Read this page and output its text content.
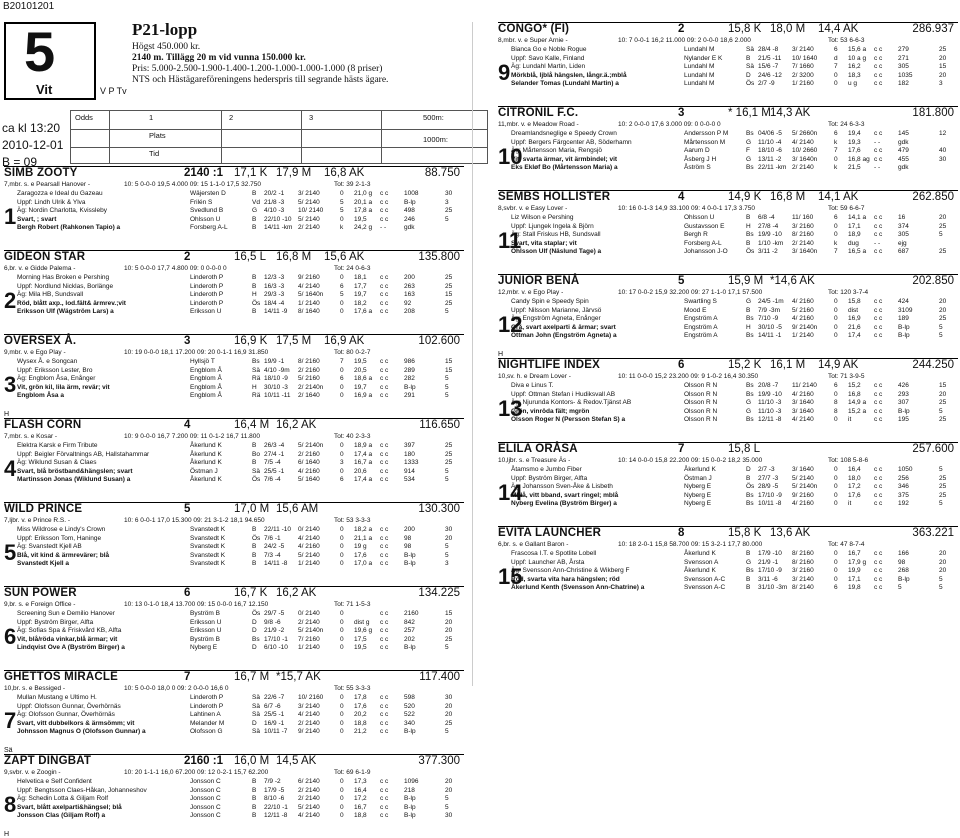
B20101201
5
Vit	V P Tv
ca kl 13:20
2010-12-01
B = 09
P21-lopp
Högst 450.000 kr.
2140 m. Tillägg 20 m vid vunna 150.000 kr.
Pris: 5.000-2.500-1.900-1.400-1.200-1.000-1.000-1.000 (8 priser)
NTS och Hästägareföreningens hederspris till segrande hästs ägare.
Odds	1	2	3	500m:
Plats	1000m:
Tid
SIMB ZOOTY	2140 :1 17,1 K 17,9 M 16,8 AK	88.750
7,mbr. s. e Pearsall Hanover -	10: 5 0-0-0 19,5 4.000 09: 15 1-1-0 17,5 32.750	Tot: 39 2-1-3
1
Zaragozza e Ideal du Gazeau
Uppf: Lindh Ulrik & Ylva
Äg: Nordin Charlotta, Kvissleby
Svart, ; svart
Bergh Robert (Rahkonen Tapio) a
Wäjersten D	B 20/2 -1 3/ 2140	0 21,0 g c c 1008	30
Frilén S	Vd 21/8 -3 5/ 2140	5 20,1 a c c B-lp	3
Svedlund B	G 4/10 -3 10/ 2140	5 17,8 a c c 498	25
Ohlsson U	B 22/10 -10 5/ 2140	0 19,5 c c 246	5
Forsberg A-L	B 14/11 -km 2/ 2140	k 24,2 g - -	gdk
GIDEON STAR	2	16,5 L 16,8 M 15,6 AK	135.800
6,br. v. e Gidde Palema -	10: 5 0-0-0 17,7 4.800 09: 0 0-0-0 0	Tot: 24 0-6-3
2
Morning Has Broken e Pershing
Uppf: Nordlund Nicklas, Borlänge
Äg: Mila HB, Sundsvall
Röd, blått axp., lod.fält& ärmrev.;vit
Eriksson Ulf (Wägström Lars) a
Linderoth P	B 12/3 -3 9/ 2160	0 18,1 c c 200	25
Linderoth P	B 16/3 -3 4/ 2140	6 17,7 c c 263	25
Linderoth P	H 29/3 -3 5/ 1640n	5 19,7 c c 163	15
Linderoth P	Ös 18/4 -4 1/ 2140	0 18,2 c c 92	25
Eriksson U	B 14/11 -9 8/ 1640	0 17,6 a c c 208	5
OVERSEX Å.	3	16,9 K 17,5 M 16,9 AK	102.600
9,mbr. v. e Ego Play -	10: 19 0-0-0 18,1 17.200 09: 20 0-1-1 16,9 31.850	Tot: 80 0-2-7
3
Wysex Å. e Songcan
Uppf: Eriksson Lester, Bro
Äg: Engblom Åsa, Enånger
Vit, grön kil, lila ärm, revär; vit
Engblom Åsa a
Hyllsjö T	Bs 19/9 -1 8/ 2160	7 19,5 c c 986	15
Engblom Å	Sä 4/10 -9m 2/ 2160	0 20,5 c c 289	15
Engblom Å	Rä 18/10 -9 5/ 2160	6 18,6 a c c 282	5
Engblom Å	H 30/10 -3 2/ 2140n	0 19,7 c c B-lp	5
Engblom Å	Rä 10/11 -11 2/ 1640	0 16,9 a c c 291	5
H
FLASH CORN	4	16,4 M 16,2 AK	116.650
7,mbr. s. e Kosar -	10: 9 0-0-0 16,7 7.200 09: 11 0-1-2 16,7 11.800	Tot: 40 2-3-3
4
Elektra Karsk e Firm Tribute
Uppf: Beigler Förvaltnings AB, Hallstahammar
Äg: Wiklund Susan & Claes
Svart, blå bröstband&hängslen; svart
Martinsson Jonas (Wiklund Susan) a
Åkerlund K	B 26/3 -4 5/ 2140n	0 18,9 a c c 397	25
Åkerlund K	Bo 27/4 -1 2/ 2160	0 17,4 a c c 180	25
Åkerlund K	B 7/5 -4	6/ 1640	3 16,7 a c c 1333	25
Östman J	Sä 25/5 -1 4/ 2160	0 20,6 c c 914	5
Åkerlund K	Ös 7/6 -4	5/ 1640	6 17,4 a c c 534	5
WILD PRINCE	5	17,0 M 15,6 AM	130.300
7,ljbr. v. e Prince R.S. -	10: 6 0-0-1 17,0 15.300 09: 21 3-1-2 18,1 94.650	Tot: 53 3-3-3
5
Miss Wildrose e Lindy's Crown
Uppf: Eriksson Tom, Haninge
Äg: Svanstedt Kjell AB
Blå, vit kind & ärmrevärer; blå
Svanstedt Kjell a
Svanstedt K	B 22/11 -10 0/ 2140	0 18,2 a c c 200	30
Svanstedt K	Ös 7/6 -1	4/ 2140	0 21,1 a c c 98	20
Svanstedt K	B 24/2 -5 4/ 2160	0 19 g c c 98	5
Svanstedt K	B 7/3 -4	5/ 2140	0 17,6 c c B-lp	5
Svanstedt K	B 14/11 -8 1/ 2140	0 17,0 a c c B-lp	3
SUN POWER	6	16,7 K 16,2 AK	134.225
9,br. s. e Foreign Office -	10: 13 0-1-0 18,4 13.700 09: 15 0-0-0 16,7 12.150	Tot: 71 1-5-3
6
Screening Sun e Demilio Hanover
Uppf: Byström Birger, Alfta
Äg: Sofias Spa & Friskvård KB, Alfta
Vit, blå/röda vinkar,blå ärmar; vit
Lindqvist Ove A (Byström Birger) a
Byström B	Ös 29/7 -5 0/ 2140	0	c c 2160	15
Eriksson U	D 9/8 -6	2/ 2140	0 dist g c c 842	20
Eriksson U	D 21/9 -2 5/ 2140n	0 19,6 g c c 257	20
Byström B	Bs 17/10 -1 7/ 2160	0 17,5 c c 202	25
Nyberg E	D 6/10 -10 1/ 2140	0 19,5 c c B-lp	5
GHETTOS MIRACLE	7	16,7 M *15,7 AK	117.400
10,br. s. e Bessiged -	10: 5 0-0-0 18,0 0 09: 2 0-0-0 16,6 0	Tot: 55 3-3-3
7
Mullan Mustang e Ultimo H.
Uppf: Olofsson Gunnar, Överhörnäs
Äg: Olofsson Gunnar, Överhörnäs
Svart, vitt dubbelkors & ärmsömm; vit
Johnsson Magnus O (Olofsson Gunnar) a
Linderoth P	Sä 22/6 -7 10/ 2160	0 17,8 c c 598	30
Linderoth P	Sä 6/7 -6	3/ 2140	0 17,6 c c 520	20
Lahtinen A	Sä 25/5 -1 4/ 2140	0 20,2 c c 522	20
Melander M	D 16/9 -1 2/ 2140	0 18,8 c c 340	25
Olofsson G	Sä 10/11 -7 9/ 2140	0 21,2 c c B-lp	5
Sä
ZAPT DINGBAT	2160 :1 16,0 M 14,5 AK	377.300
9,svbr. v. e Zoogin -	10: 20 1-1-1 16,0 67.200 09: 12 0-2-1 15,7 62.200	Tot: 69 6-1-9
8
Helvetica e Self Confident
Uppf: Bengtsson Claes-Håkan, Johanneshov
Äg: Schedin Lotta & Giljam Rolf
Svart, blått axelparti&hängsel; blå
Jonsson Clas (Giljam Rolf) a
Jonsson C	B 7/9 -2	6/ 2140	0 17,3 c c 1096	20
Jonsson C	B 17/9 -5 2/ 2140	0 16,4 c c 218	20
Jonsson C	B 8/10 -6 2/ 2140	0 17,2 c c B-lp	5
Jonsson C	B 22/10 -1 5/ 2140	0 16,7 c c B-lp	5
Jonsson C	B 12/11 -8 4/ 2140	0 18,8 c c B-lp	30
H
CONGO* (FI)	2	15,8 K 18,0 M 14,4 AK	286.937
8,mbr. v. e Super Arnie -	10: 7 0-0-1 16,2 11.000 09: 2 0-0-0 18,6 2.000	Tot: 53 6-6-3
9
Bianca Go e Noble Rogue
Uppf: Savo Kalle, Finland
Äg: Lundahl Martin, Liden
Mörkblå, ljblå hängslen, långr.ä.;mblå
Selander Tomas (Lundahl Martin) a
Lundahl M	Sä 28/4 -8 3/ 2140	6 15,6 a c c 279	25
Nylander E K	B 21/5 -11 10/ 1640	d 10 a g c c 271	20
Lundahl M	Sä 15/6 -7 7/ 1660	7 16,2 c c 305	15
Lundahl M	D 24/6 -12 2/ 3200	0 18,3 c c 1035	20
Lundahl M	Ös 2/7 -9	1/ 2160	0 u g	c c 182	3
CITRONIL F.C.	3	* 16,1 M 14,3 AK	181.800
11,mbr. v. e Meadow Road -	10: 2 0-0-0 17,6 3.000 09: 0 0-0-0 0	Tot: 24 6-3-3
10
Dreamlandsneglige e Speedy Crown
Uppf: Bergers Färgcenter AB, Söderhamn
Äg: Mårtensson Maria, Rengsjö
Vit, svarta ärmar, vit ärmbindel; vit
Eks Ekløf Bo (Mårtensson Maria) a
Andersson P M	Bs 04/06 -5 5/ 2660n	6 19,4 c c 145	12
Mårtensson M	G 11/10 -4 4/ 2140	k 19,3 - -	gdk
Aarum D	F 18/10 -6 10/ 2660	7 17,6 c c 479	40
Åsberg J H	G 13/11 -2 3/ 1640n	0 16,8 ag c c 455	30
Åström S	Bs 22/11 -km 2/ 2140	k 21,5 - -	gdk
SEMBS HOLLISTER	4	14,9 K 16,8 M 14,1 AK	262.850
8,svbr. v. e Easy Lover -	10: 16 0-1-3 14,9 33.100 09: 4 0-0-1 17,3 3.750	Tot: 59 6-6-7
11
Liz Wilson e Pershing
Uppf: Ljungek Ingela & Björn
Äg: Stall Friskus HB, Sundsvall
Svart, vita staplar; vit
Ohlsson Ulf (Näslund Tage) a
Ohlsson U	B 6/8 -4	11/ 160	6 14,1 a c c 16	20
Gustavsson E	H 27/8 -4 3/ 2160	0 17,1 c c 374	25
Bergh R	Bs 19/9 -10 8/ 2160	0 18,9 c c 305	5
Forsberg A-L	B 1/10 -km 2/ 2140	k dug - -	ejg
Johansson J-O	Ös 3/11 -2 3/ 1640n	7 16,5 a c c 687	25
JUNIOR BENÅ	5	15,9 M *14,6 AK	202.850
12,mbr. v. e Ego Play -	10: 17 0-0-2 15,9 32.200 09: 27 1-1-0 17,1 57.500	Tot: 120 3-7-4
12
Candy Spin e Speedy Spin
Uppf: Nilsson Marianne, Järvsö
Äg: Engström Agneta, Enånger
Grå, svart axelparti & ärmar; svart
Ottman John (Engström Agneta) a
Swartling S	G 24/5 -1m 4/ 2160	0 15,8 c c 424	20
Mood E	B 7/9 -3m 5/ 2160	0 dist c c 3109	20
Engström A	Bs 7/10 -9 4/ 2160	0 16,9 c c 189	25
Engström A	H 30/10 -5 9/ 2140n	0 21,6 c c B-lp	5
Engström A	Bs 14/11 -1 1/ 2140	0 17,4 c c B-lp	5
H
NIGHTLIFE INDEX	6	15,2 K 16,1 M 14,9 AK	244.250
10,sv. h. e Dream Lover -	10: 11 0-0-0 15,2 23.200 09: 9 1-0-2 16,4 30.350	Tot: 71 3-9-5
13
Diva e Linus T.
Uppf: Ottman Stefan i Hudiksvall AB
Äg: Njurunda Kontors- & Redov.Tjänst AB
Grön, vinröda fält; mgrön
Olsson Roger N (Persson Stefan S) a
Olsson R N	Bs 20/8 -7 11/ 2140	6 15,2 c c 426	15
Olsson R N	Bs 19/9 -10 4/ 2160	0 16,8 c c 293	20
Olsson R N	G 11/10 -3 3/ 1640	8 14,9 a c c 307	25
Olsson R N	G 11/10 -3 3/ 1640	8 15,2 a c c B-lp	5
Olsson R N	Bs 12/11 -8 4/ 2140	0 it	c c 195	25
ELILA ORÅSA	7	15,8 L	257.600
10,ljbr. s. e Treasure Äs -	10: 14 0-0-0 15,8 22.200 09: 15 0-0-2 18,2 35.000	Tot: 108 5-8-6
14
Åtamsmo e Jumbo Fiber
Uppf: Byström Birger, Alfta
Äg: Johansson Sven-Åke & Lisbeth
Mblå, vitt bband, svart ringel; mblå
Nyberg Evelina (Byström Birger) a
Åkerlund K	D 2/7 -3	3/ 1640	0 16,4 c c 1050	5
Östman J	B 27/7 -3 5/ 2140	0 18,0 c c 256	25
Nyberg E	Ös 28/9 -5 5/ 2140n	0 17,2 c c 346	25
Nyberg E	Bs 17/10 -9 9/ 2160	0 17,6 c c 375	25
Nyberg E	Bs 10/11 -8 4/ 2160	0 it	c c 192	5
EVITA LAUNCHER	8	15,8 K 13,6 AK	363.221
6,br. s. e Gallant Baron -	10: 18 2-0-1 15,8 58.700 09: 15 3-2-1 17,7 80.000	Tot: 47 8-7-4
15
Frascosa I.T. e Spotlite Lobell
Uppf: Launcher AB, Årsta
Äg: Svensson Ann-Christine & Wikberg F
Röd, svarta vita hara hängslen; röd
Åkerlund Kenth (Svensson Ann-Chatrine) a
Åkerlund K	B 17/9 -10 8/ 2160	0 16,7 c c 166	20
Svensson A	G 21/9 -1 8/ 2160	0 17,9 g c c 98	20
Åkerlund K	Bs 17/10 -9 3/ 2160	0 19,9 c c 268	20
Svensson A-C	B 3/11 -6 3/ 2140	0 17,1 c c B-lp	5
Svensson A-C	B 31/10 -3m 8/ 2140	6 19,8 c c 5	5
